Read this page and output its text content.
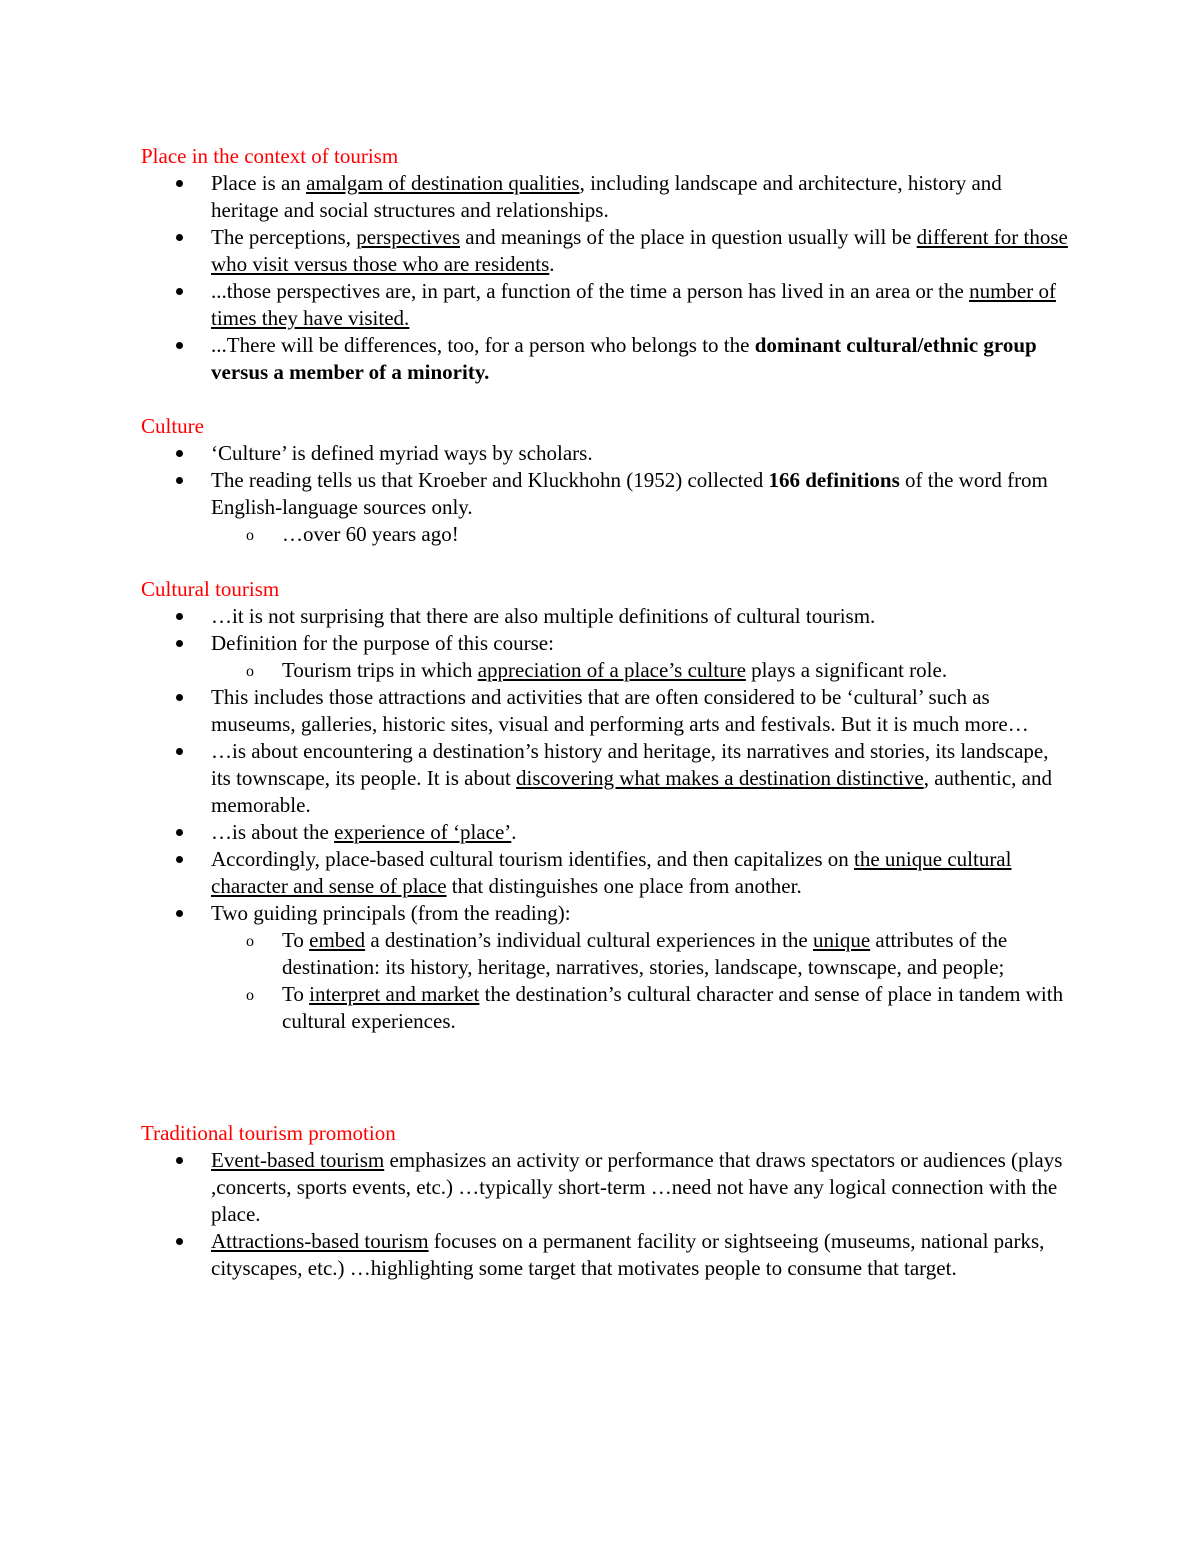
Place in the context of tourism
Place is an amalgam of destination qualities, including landscape and architecture, history and heritage and social structures and relationships.
The perceptions, perspectives and meanings of the place in question usually will be different for those who visit versus those who are residents.
...those perspectives are, in part, a function of the time a person has lived in an area or the number of times they have visited.
...There will be differences, too, for a person who belongs to the dominant cultural/ethnic group versus a member of a minority.
Culture
‘Culture’ is defined myriad ways by scholars.
The reading tells us that Kroeber and Kluckhohn (1952) collected 166 definitions of the word from English-language sources only.
o …over 60 years ago!
Cultural tourism
…it is not surprising that there are also multiple definitions of cultural tourism.
Definition for the purpose of this course:
o Tourism trips in which appreciation of a place’s culture plays a significant role.
This includes those attractions and activities that are often considered to be ‘cultural’ such as museums, galleries, historic sites, visual and performing arts and festivals. But it is much more…
…is about encountering a destination’s history and heritage, its narratives and stories, its landscape, its townscape, its people. It is about discovering what makes a destination distinctive, authentic, and memorable.
…is about the experience of ‘place’.
Accordingly, place-based cultural tourism identifies, and then capitalizes on the unique cultural character and sense of place that distinguishes one place from another.
Two guiding principals (from the reading):
o To embed a destination’s individual cultural experiences in the unique attributes of the destination: its history, heritage, narratives, stories, landscape, townscape, and people;
o To interpret and market the destination’s cultural character and sense of place in tandem with cultural experiences.
Traditional tourism promotion
Event-based tourism emphasizes an activity or performance that draws spectators or audiences (plays ,concerts, sports events, etc.) …typically short-term …need not have any logical connection with the place.
Attractions-based tourism focuses on a permanent facility or sightseeing (museums, national parks, cityscapes, etc.) …highlighting some target that motivates people to consume that target.
